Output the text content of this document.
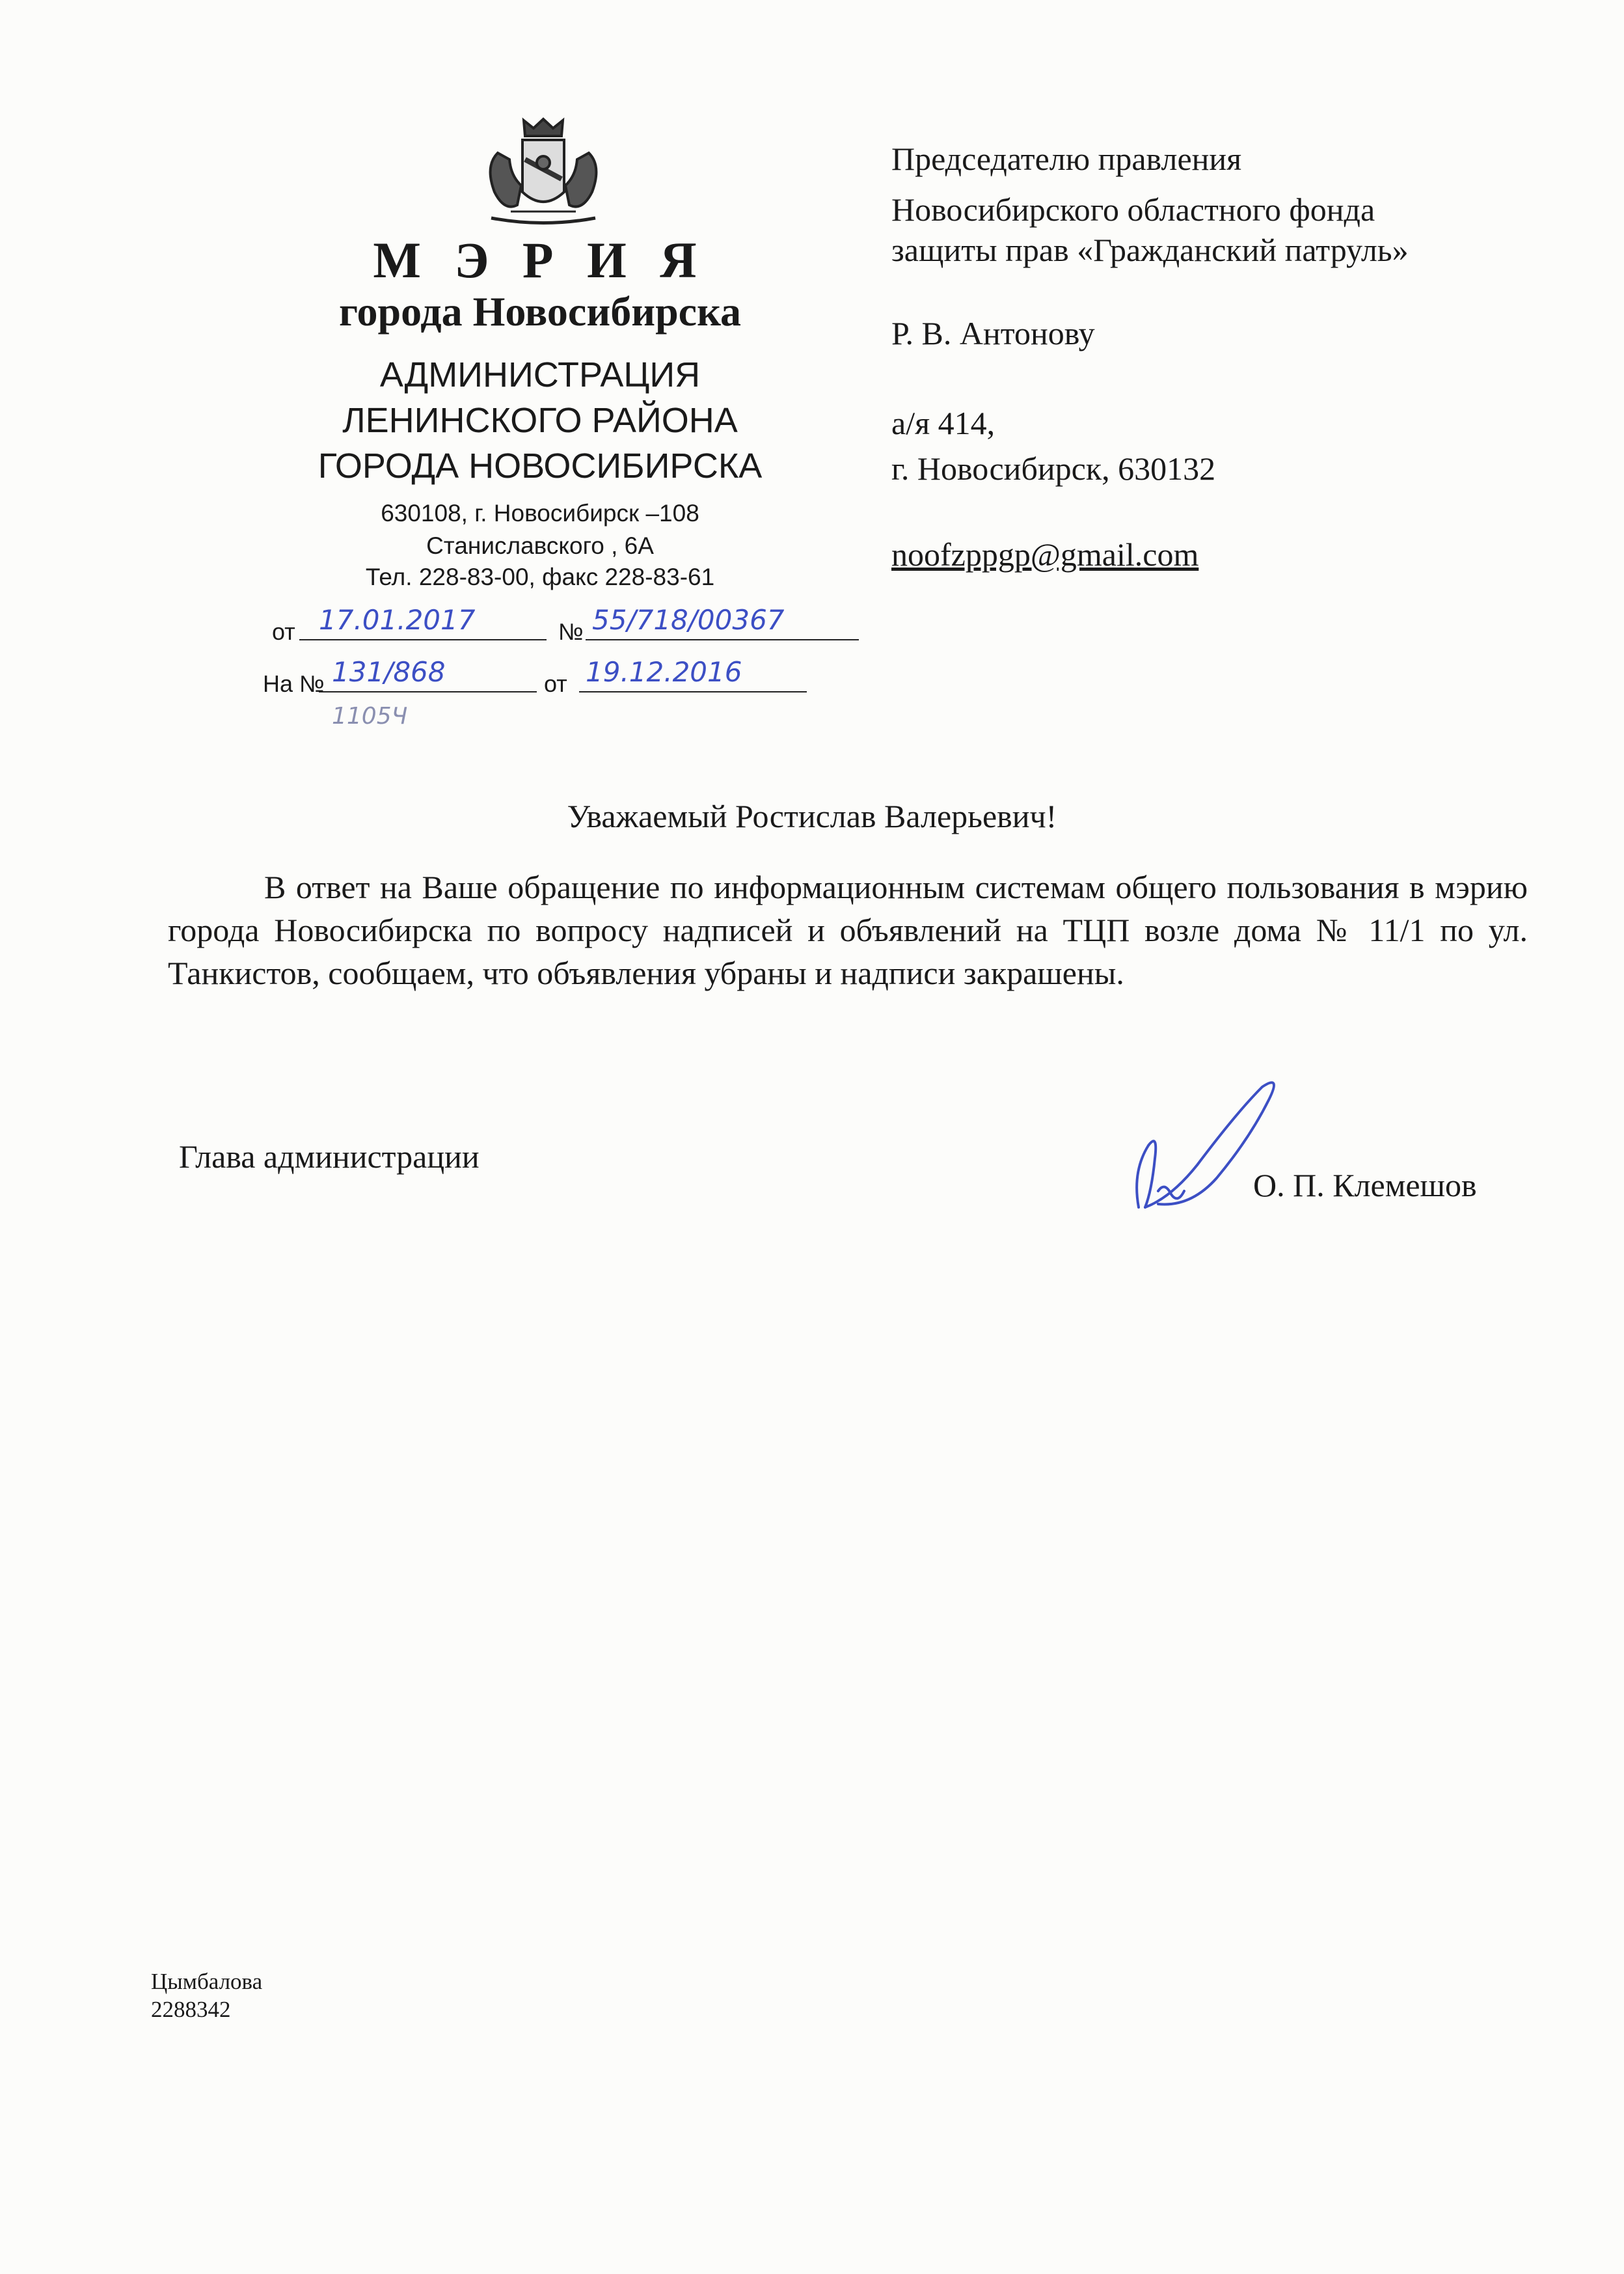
М Э Р И Я
города Новосибирска
АДМИНИСТРАЦИЯ
ЛЕНИНСКОГО РАЙОНА
ГОРОДА НОВОСИБИРСКА
630108, г. Новосибирск –108
Станиславского , 6А
Тел. 228-83-00, факс 228-83-61
от 17.01.2017	№ 55/718/00367
На № 131/868	от 19.12.2016
1105Ч
Председателю правления
Новосибирского областного фонда
защиты прав «Гражданский патруль»
Р. В. Антонову
а/я 414,
г. Новосибирск, 630132
noofzppgp@gmail.com
Уважаемый Ростислав Валерьевич!
В ответ на Ваше обращение по информационным системам общего пользования в мэрию города Новосибирска по вопросу надписей и объявлений на ТЦП возле дома № 11/1 по ул. Танкистов, сообщаем, что объявления убраны и надписи закрашены.
Глава администрации
О. П. Клемешов
Цымбалова
2288342
